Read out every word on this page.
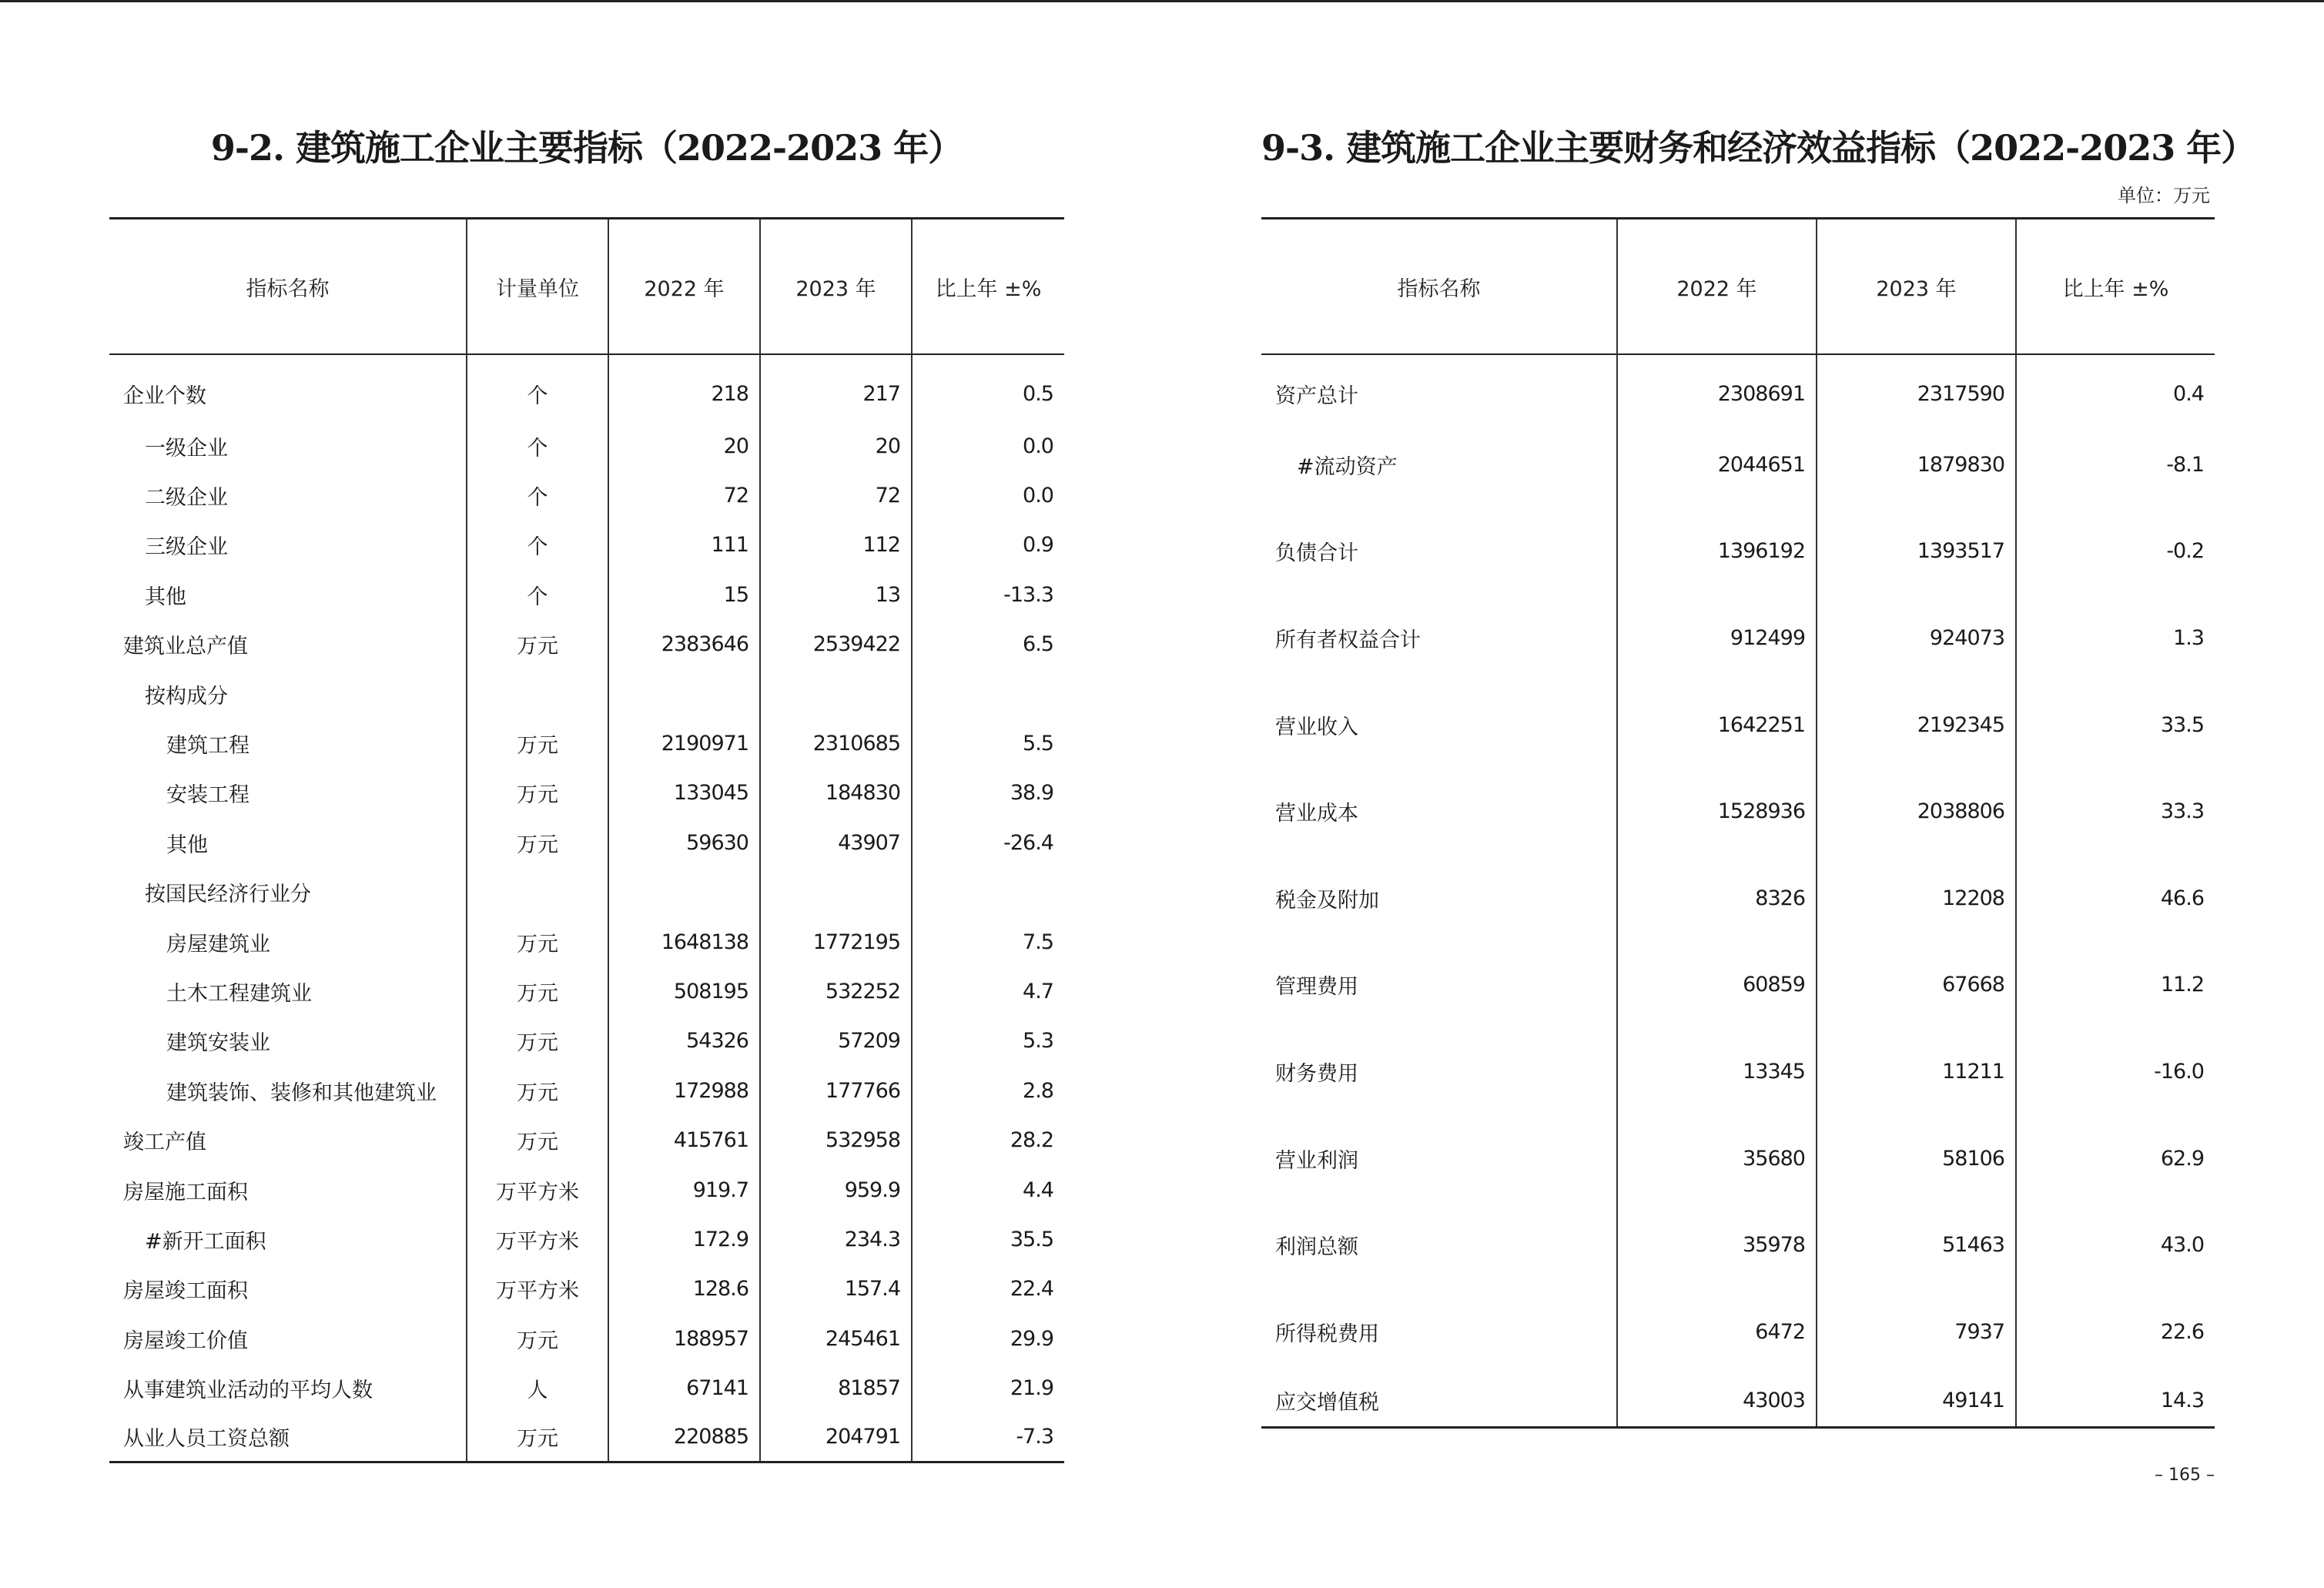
9-2. 建筑施工企业主要指标（2022-2023 年）
指标名称	计量单位	2022 年	2023 年	比上年 ±%
企业个数	个	218	217	0.5
一级企业	个	20	20	0.0
二级企业	个	72	72	0.0
三级企业	个	111	112	0.9
其他	个	15	13	-13.3
建筑业总产值	万元	2383646	2539422	6.5
按构成分				
建筑工程	万元	2190971	2310685	5.5
安装工程	万元	133045	184830	38.9
其他	万元	59630	43907	-26.4
按国民经济行业分				
房屋建筑业	万元	1648138	1772195	7.5
土木工程建筑业	万元	508195	532252	4.7
建筑安装业	万元	54326	57209	5.3
建筑装饰、装修和其他建筑业	万元	172988	177766	2.8
竣工产值	万元	415761	532958	28.2
房屋施工面积	万平方米	919.7	959.9	4.4
#新开工面积	万平方米	172.9	234.3	35.5
房屋竣工面积	万平方米	128.6	157.4	22.4
房屋竣工价值	万元	188957	245461	29.9
从事建筑业活动的平均人数	人	67141	81857	21.9
从业人员工资总额	万元	220885	204791	-7.3
9-3. 建筑施工企业主要财务和经济效益指标（2022-2023 年）
单位：万元
指标名称	2022 年	2023 年	比上年 ±%
资产总计	2308691	2317590	0.4
#流动资产	2044651	1879830	-8.1
负债合计	1396192	1393517	-0.2
所有者权益合计	912499	924073	1.3
营业收入	1642251	2192345	33.5
营业成本	1528936	2038806	33.3
税金及附加	8326	12208	46.6
管理费用	60859	67668	11.2
财务费用	13345	11211	-16.0
营业利润	35680	58106	62.9
利润总额	35978	51463	43.0
所得税费用	6472	7937	22.6
应交增值税	43003	49141	14.3
– 165 –
